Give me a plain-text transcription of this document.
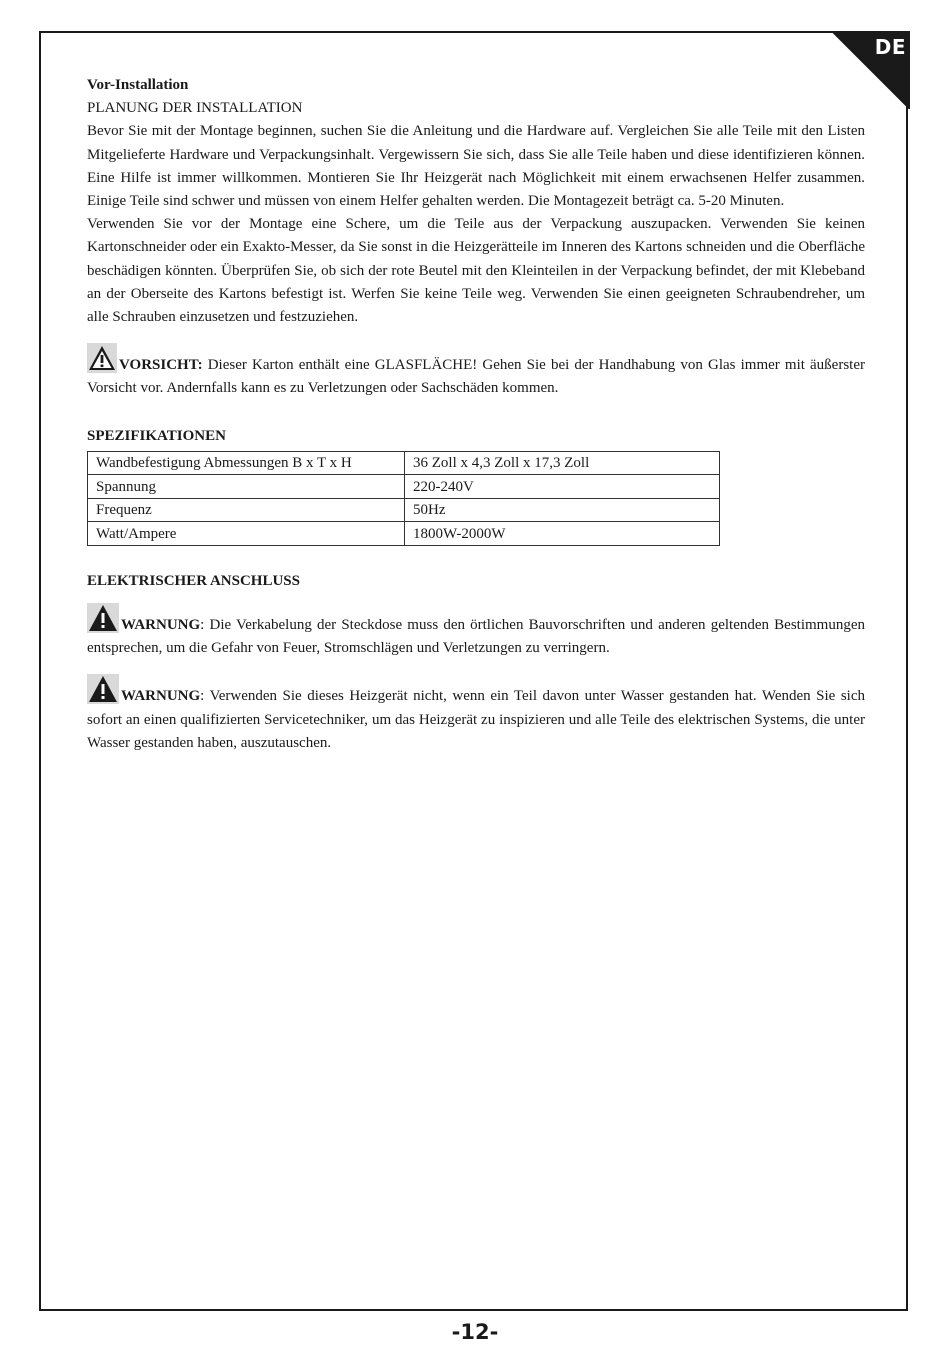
DE
Vor-Installation
PLANUNG DER INSTALLATION

Bevor Sie mit der Montage beginnen, suchen Sie die Anleitung und die Hardware auf. Vergleichen Sie alle Teile mit den Listen Mitgelieferte Hardware und Verpackungsinhalt. Vergewissern Sie sich, dass Sie alle Teile haben und diese identifizieren können. Eine Hilfe ist immer willkommen. Montieren Sie Ihr Heizgerät nach Möglichkeit mit einem erwachsenen Helfer zusammen. Einige Teile sind schwer und müssen von einem Helfer gehalten werden. Die Montagezeit beträgt ca. 5-20 Minuten.

Verwenden Sie vor der Montage eine Schere, um die Teile aus der Verpackung auszupacken. Verwenden Sie keinen Kartonschneider oder ein Exakto-Messer, da Sie sonst in die Heizgerätteile im Inneren des Kartons schneiden und die Oberfläche beschädigen könnten. Überprüfen Sie, ob sich der rote Beutel mit den Kleinteilen in der Verpackung befindet, der mit Klebeband an der Oberseite des Kartons befestigt ist. Werfen Sie keine Teile weg. Verwenden Sie einen geeigneten Schraubendreher, um alle Schrauben einzusetzen und festzuziehen.

VORSICHT: Dieser Karton enthält eine GLASFLÄCHE! Gehen Sie bei der Handhabung von Glas immer mit äußerster Vorsicht vor. Andernfalls kann es zu Verletzungen oder Sachschäden kommen.

SPEZIFIKATIONEN
Wandbefestigung Abmessungen B x T x H	36 Zoll x 4,3 Zoll x 17,3 Zoll
Spannung	220-240V
Frequenz	50Hz
Watt/Ampere	1800W-2000W
ELEKTRISCHER ANSCHLUSS

WARNUNG: Die Verkabelung der Steckdose muss den örtlichen Bauvorschriften und anderen geltenden Bestimmungen entsprechen, um die Gefahr von Feuer, Stromschlägen und Verletzungen zu verringern.

WARNUNG: Verwenden Sie dieses Heizgerät nicht, wenn ein Teil davon unter Wasser gestanden hat. Wenden Sie sich sofort an einen qualifizierten Servicetechniker, um das Heizgerät zu inspizieren und alle Teile des elektrischen Systems, die unter Wasser gestanden haben, auszutauschen.

-12-
